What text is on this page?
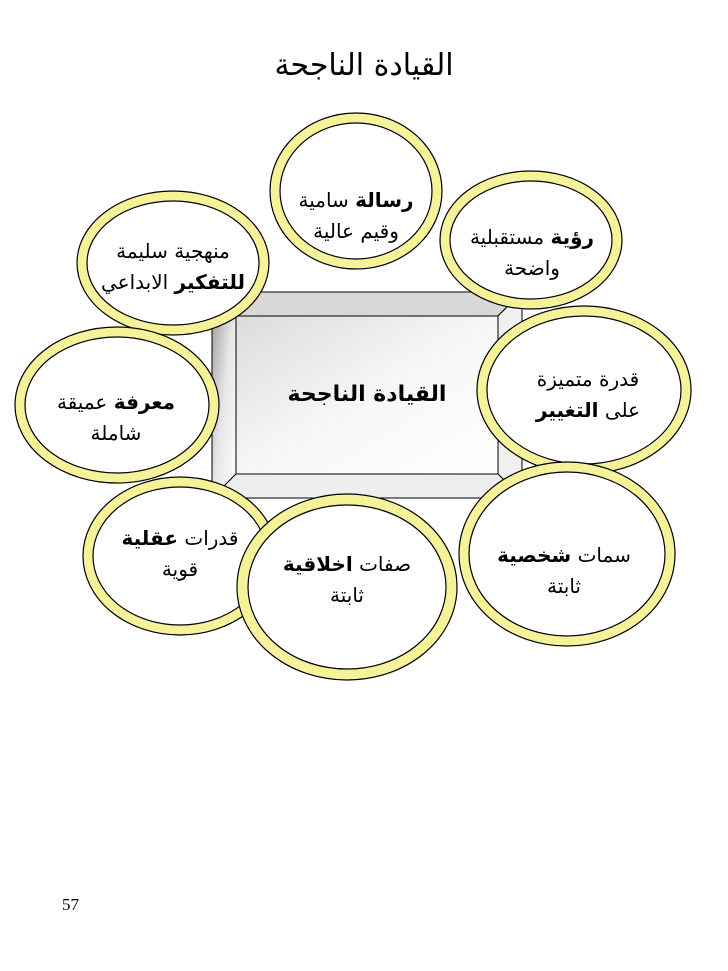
القيادة الناجحة
القيادة الناجحة
رسالة سامية
وقيم عالية	رؤية مستقبلية
واضحة
منهجية سليمة
للتفكير الابداعي
معرفة عميقة
شاملة
قدرة متميزة
على التغيير
قدرات عقلية
قوية	صفات اخلاقية
ثابتة
سمات شخصية
ثابتة
57
